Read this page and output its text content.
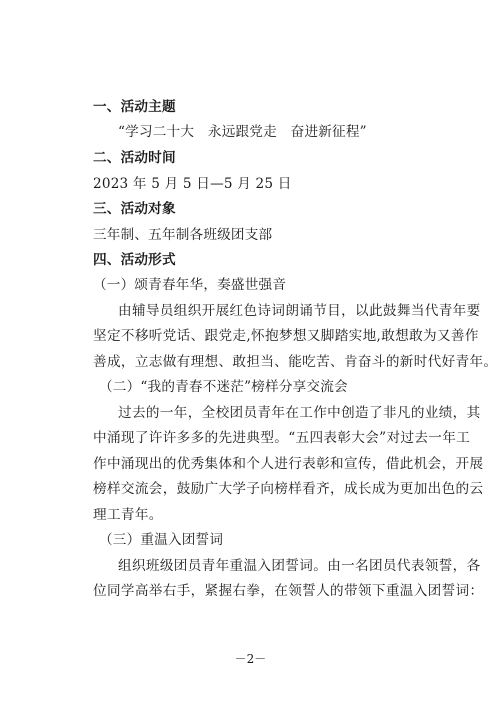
一、活动主题
“学习二十大　永远跟党走　奋进新征程”
二、活动时间
2023 年 5 月 5 日—5 月 25 日
三、活动对象
三年制、五年制各班级团支部
四、活动形式
（一）颂青春年华，奏盛世强音
由辅导员组织开展红色诗词朗诵节目，以此鼓舞当代青年要
坚定不移听党话、跟党走,怀抱梦想又脚踏实地,敢想敢为又善作
善成，立志做有理想、敢担当、能吃苦、肯奋斗的新时代好青年。
（二）“我的青春不迷茫”榜样分享交流会
过去的一年，全校团员青年在工作中创造了非凡的业绩，其
中涌现了许许多多的先进典型。“五四表彰大会”对过去一年工
作中涌现出的优秀集体和个人进行表彰和宣传，借此机会，开展
榜样交流会，鼓励广大学子向榜样看齐，成长成为更加出色的云
理工青年。
（三）重温入团誓词
组织班级团员青年重温入团誓词。由一名团员代表领誓，各
位同学高举右手，紧握右拳，在领誓人的带领下重温入团誓词：
－2－
